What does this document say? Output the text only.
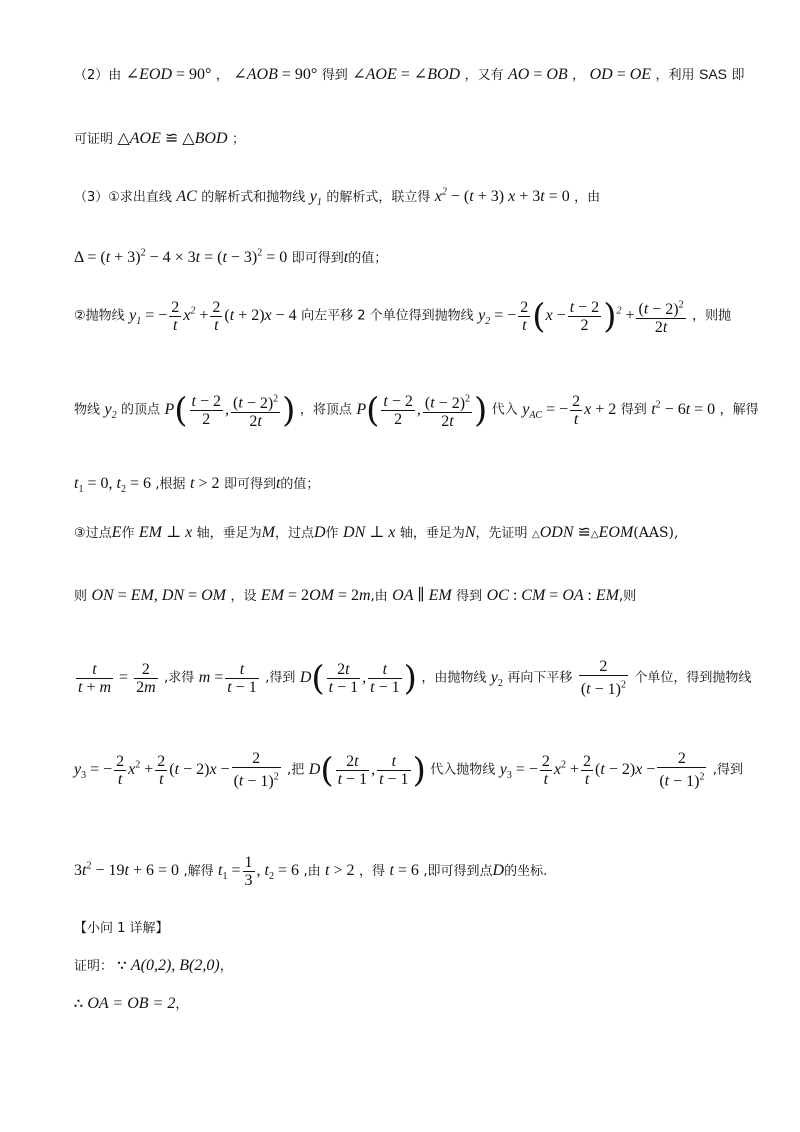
（2）由 ∠EOD = 90° ， ∠AOB = 90° 得到 ∠AOE = ∠BOD ，又有 AO = OB ， OD = OE ，利用 SAS 即
可证明 △AOE ≌ △BOD ；
（3）①求出直线 AC 的解析式和抛物线 $y_1$ 的解析式，联立得 $x^2 - (t + 3) x + 3t = 0$ ，由
$\Delta = (t + 3)^2 - 4 \times 3t = (t - 3)^2 = 0$ 即可得到t的值；
②抛物线 $y_1$ = − $\frac{2}{t} x^2 + \frac{2}{t} (t + 2)x - 4$ 向左平移 2 个单位得到抛物线 $y_2$ = − $\frac{2}{t} (x - \frac{t - 2}{2} )^2 + \frac{(t - 2)^2}{2t}$ ，则抛
物线 $y_2$ 的顶点 $P( \frac{t - 2}{2}$ , $\frac{(t - 2)^2}{2t}$ ) ，将顶点 $P( \frac{t - 2}{2}$ , $\frac{(t - 2)^2}{2t}$ ) 代入 $y_{AC}$ = − $\frac{2}{t}$ x + 2 得到 $t^2 - 6t = 0$ ，解得
$t_1 = 0$, $t_2 = 6$ ,根据 t > 2 即可得到t的值；
③过点E作 EM ⊥ x 轴，垂足为M，过点D作 DN ⊥ x 轴，垂足为N，先证明 △ODN ≌△EOM(AAS),
则 ON = EM, DN = OM ，设 EM = 2OM = 2m,由 OA ∥ EM 得到 OC : CM = OA : EM,则
$\frac{t}{t + m} = \frac{2}{2m}$ ,求得 $m = \frac{t}{t - 1}$ ,得到 $D( \frac{2t}{t - 1}$ , $\frac{t}{t - 1}$ ) ，由抛物线 $y_2$ 再向下平移 $\frac{2}{(t - 1)^2}$ 个单位，得到抛物线
$y_3$ = − $\frac{2}{t} x^2 + \frac{2}{t} (t - 2)x - \frac{2}{(t - 1)^2}$ ,把 $D( \frac{2t}{t - 1}$ , $\frac{t}{t - 1}$ ) 代入抛物线 $y_3$ = − $\frac{2}{t} x^2 + \frac{2}{t} (t - 2)x - \frac{2}{(t - 1)^2}$ ,得到
$3t^2 - 19t + 6 = 0$ ,解得 $t_1 = \frac{1}{3}$ , $t_2 = 6$ ,由 t > 2 ，得 t = 6 ,即可得到点D的坐标.
【小问 1 详解】
证明： ∵ A(0,2), B(2,0)，
∴ OA = OB = 2，
